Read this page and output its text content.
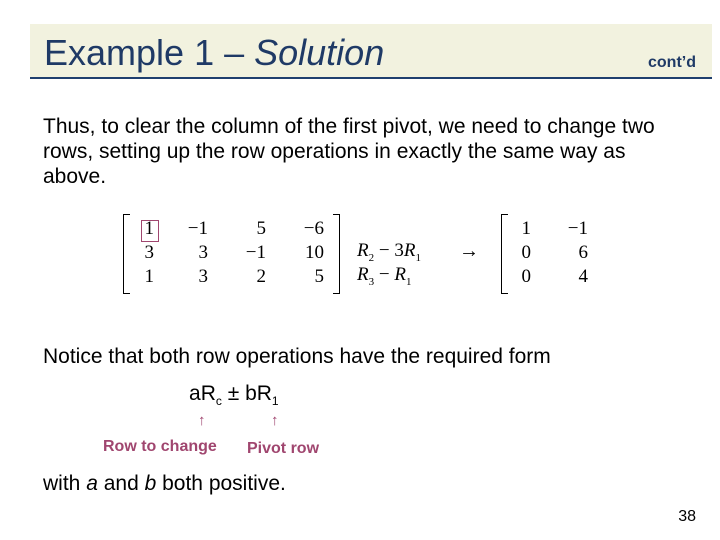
Example 1 – Solution	cont’d
Thus, to clear the column of the first pivot, we need to change two rows, setting up the row operations in exactly the same way as above.
1	−1	5	−6
3	3	−1	10
1	3	2	5
$R_2 - 3R_1$
$R_3 - R_1$
→
1	−1
0	6
0	4
Notice that both row operations have the required form
$aR_c \pm bR_1$
↑	↑
Row to change Pivot row
with a and b both positive.
38
